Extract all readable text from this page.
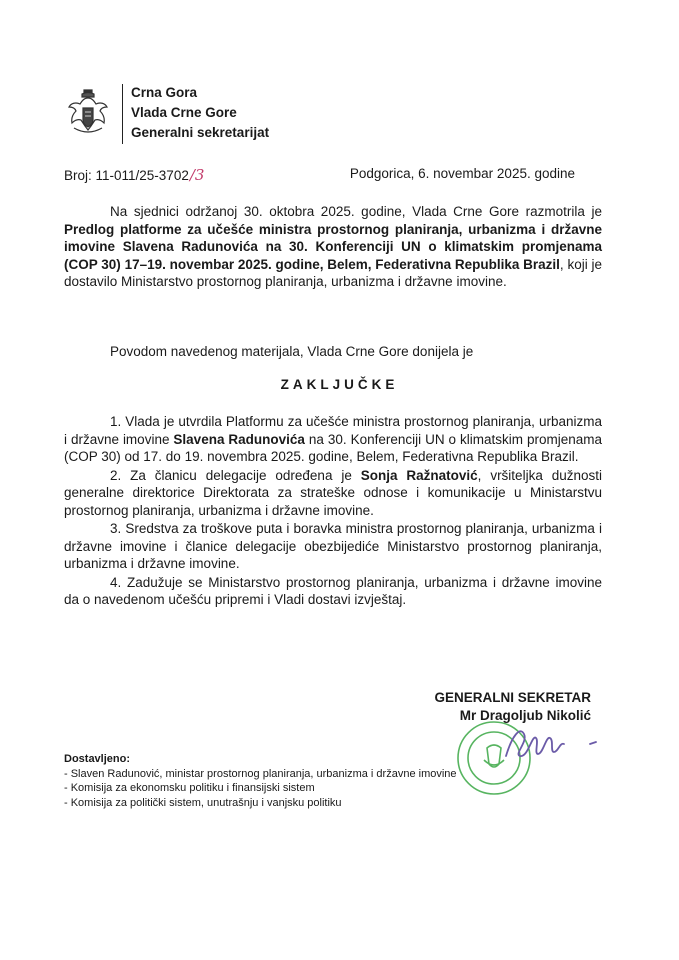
Crna Gora
Vlada Crne Gore
Generalni sekretarijat
Broj: 11-011/25-3702/3	Podgorica, 6. novembar 2025. godine

Na sjednici održanoj 30. oktobra 2025. godine, Vlada Crne Gore razmotrila je Predlog platforme za učešće ministra prostornog planiranja, urbanizma i državne imovine Slavena Radunovića na 30. Konferenciji UN o klimatskim promjenama (COP 30) 17–19. novembar 2025. godine, Belem, Federativna Republika Brazil, koji je dostavilo Ministarstvo prostornog planiranja, urbanizma i državne imovine.

Povodom navedenog materijala, Vlada Crne Gore donijela je

ZAKLJUČKE

1. Vlada je utvrdila Platformu za učešće ministra prostornog planiranja, urbanizma i državne imovine Slavena Radunovića na 30. Konferenciji UN o klimatskim promjenama (COP 30) od 17. do 19. novembra 2025. godine, Belem, Federativna Republika Brazil.

2. Za članicu delegacije određena je Sonja Ražnatović, vršiteljka dužnosti generalne direktorice Direktorata za strateške odnose i komunikacije u Ministarstvu prostornog planiranja, urbanizma i državne imovine.

3. Sredstva za troškove puta i boravka ministra prostornog planiranja, urbanizma i državne imovine i članice delegacije obezbijediće Ministarstvo prostornog planiranja, urbanizma i državne imovine.

4. Zadužuje se Ministarstvo prostornog planiranja, urbanizma i državne imovine da o navedenom učešću pripremi i Vladi dostavi izvještaj.

GENERALNI SEKRETAR
Mr Dragoljub Nikolić
Dostavljeno:
- Slaven Radunović, ministar prostornog planiranja, urbanizma i državne imovine
- Komisija za ekonomsku politiku i finansijski sistem
- Komisija za politički sistem, unutrašnju i vanjsku politiku
